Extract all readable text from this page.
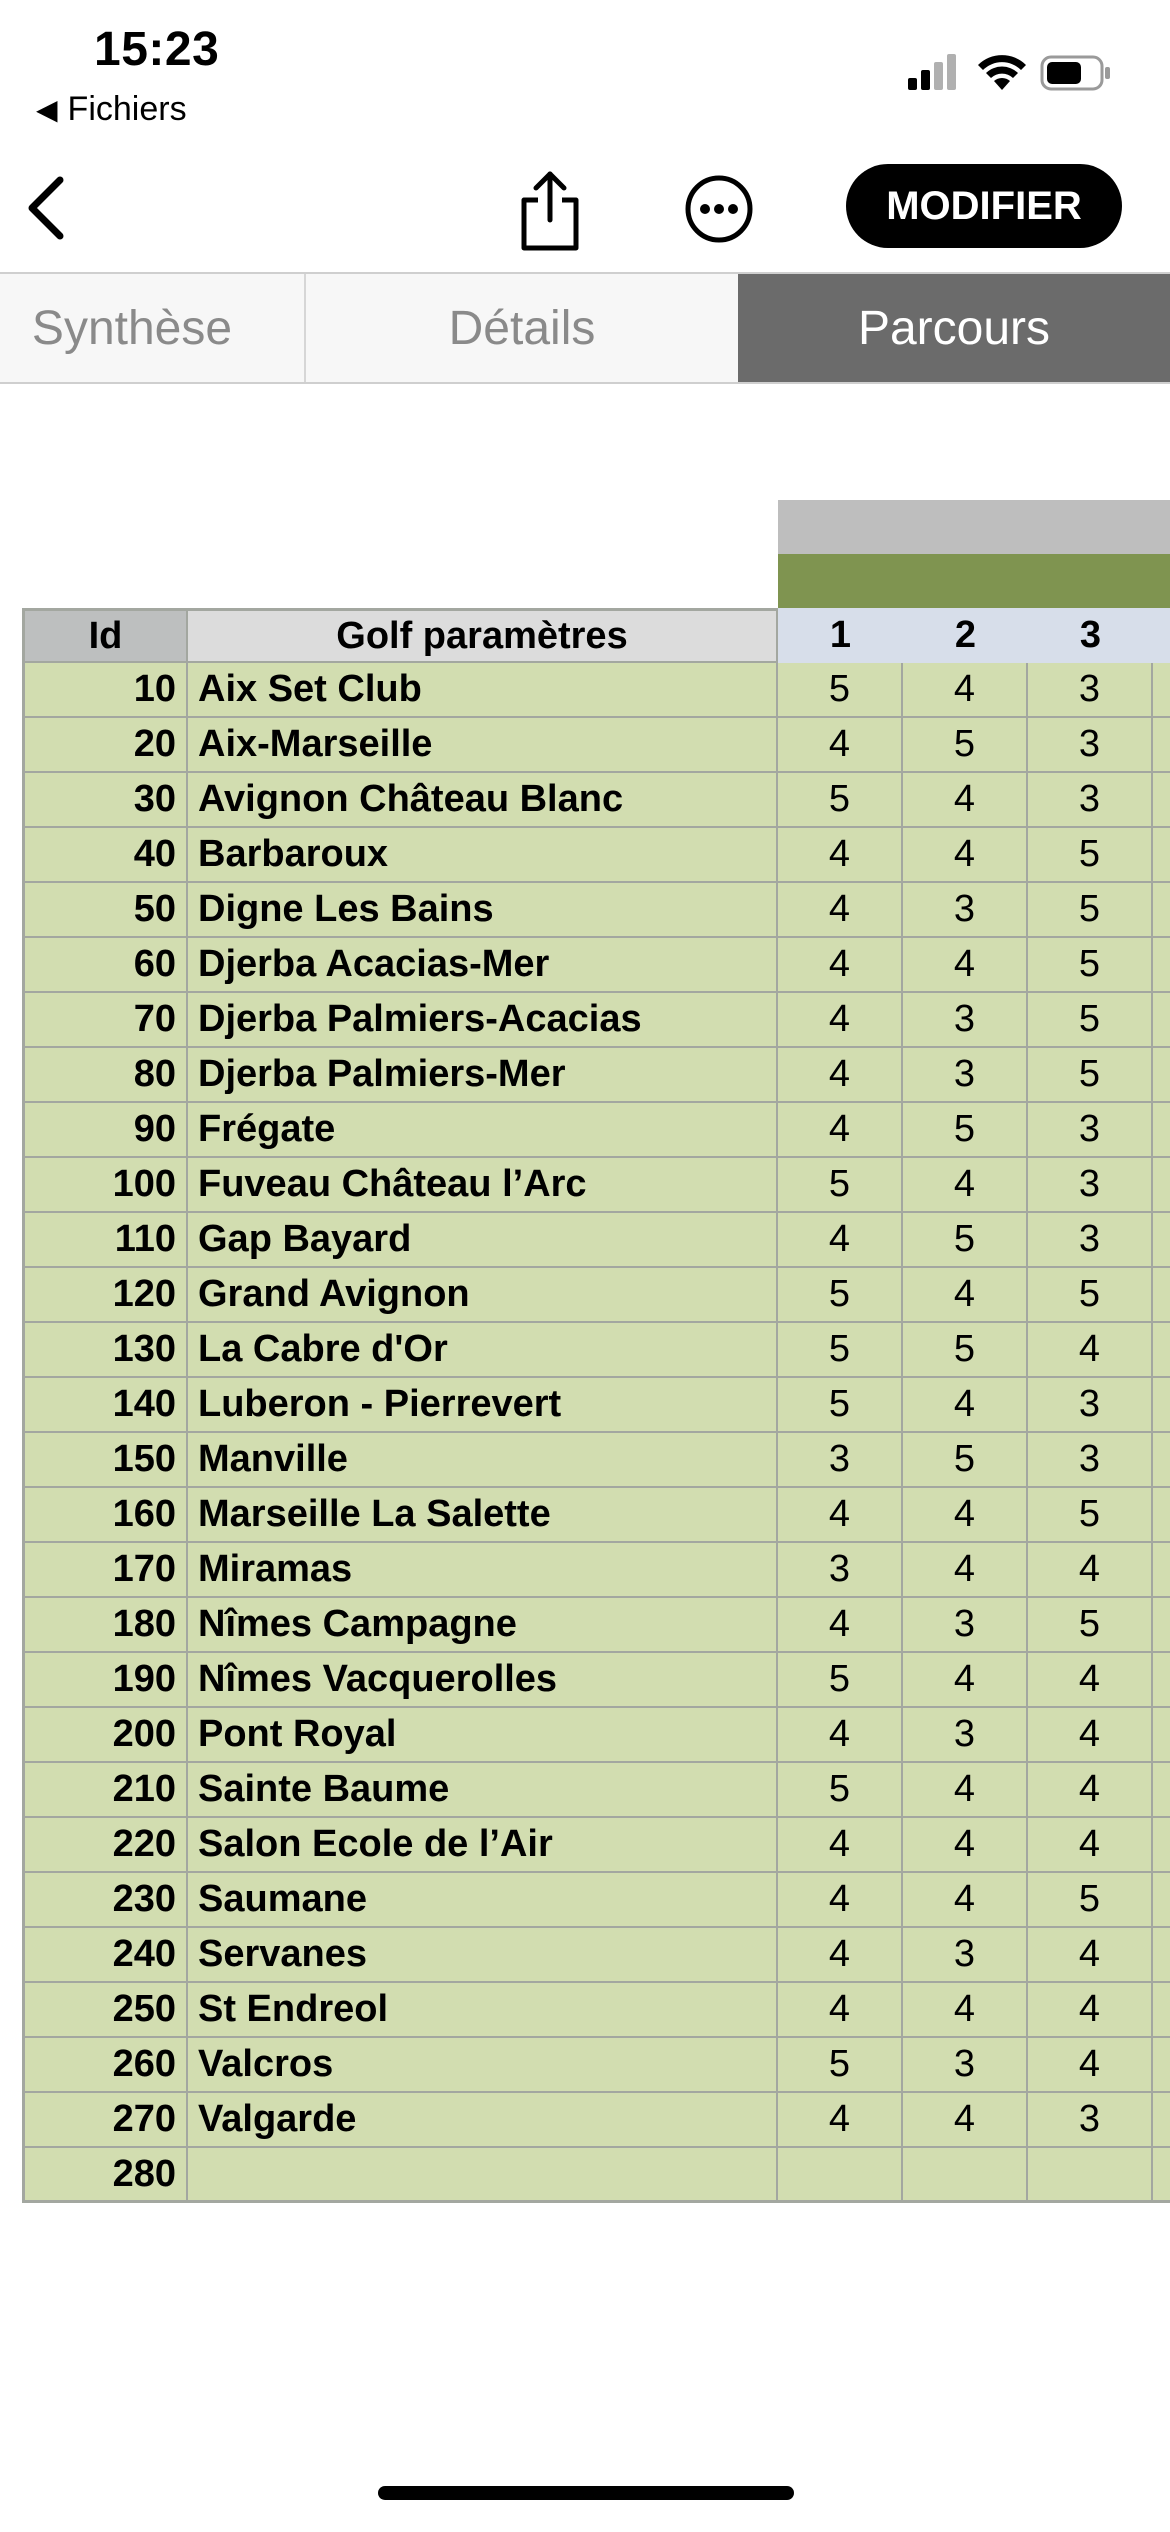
15:23
◀ Fichiers
MODIFIER
Synthèse	Détails	Parcours
Id	Golf paramètres	1	2	3
10 Aix Set Club	5	4	3
20 Aix-Marseille	4	5	3
30 Avignon Château Blanc	5	4	3
40 Barbaroux	4	4	5
50 Digne Les Bains	4	3	5
60 Djerba Acacias-Mer	4	4	5
70 Djerba Palmiers-Acacias	4	3	5
80 Djerba Palmiers-Mer	4	3	5
90 Frégate	4	5	3
100 Fuveau Château l’Arc	5	4	3
110 Gap Bayard	4	5	3
120 Grand Avignon	5	4	5
130 La Cabre d'Or	5	5	4
140 Luberon - Pierrevert	5	4	3
150 Manville	3	5	3
160 Marseille La Salette	4	4	5
170 Miramas	3	4	4
180 Nîmes Campagne	4	3	5
190 Nîmes Vacquerolles	5	4	4
200 Pont Royal	4	3	4
210 Sainte Baume	5	4	4
220 Salon Ecole de l’Air	4	4	4
230 Saumane	4	4	5
240 Servanes	4	3	4
250 St Endreol	4	4	4
260 Valcros	5	3	4
270 Valgarde	4	4	3
280
